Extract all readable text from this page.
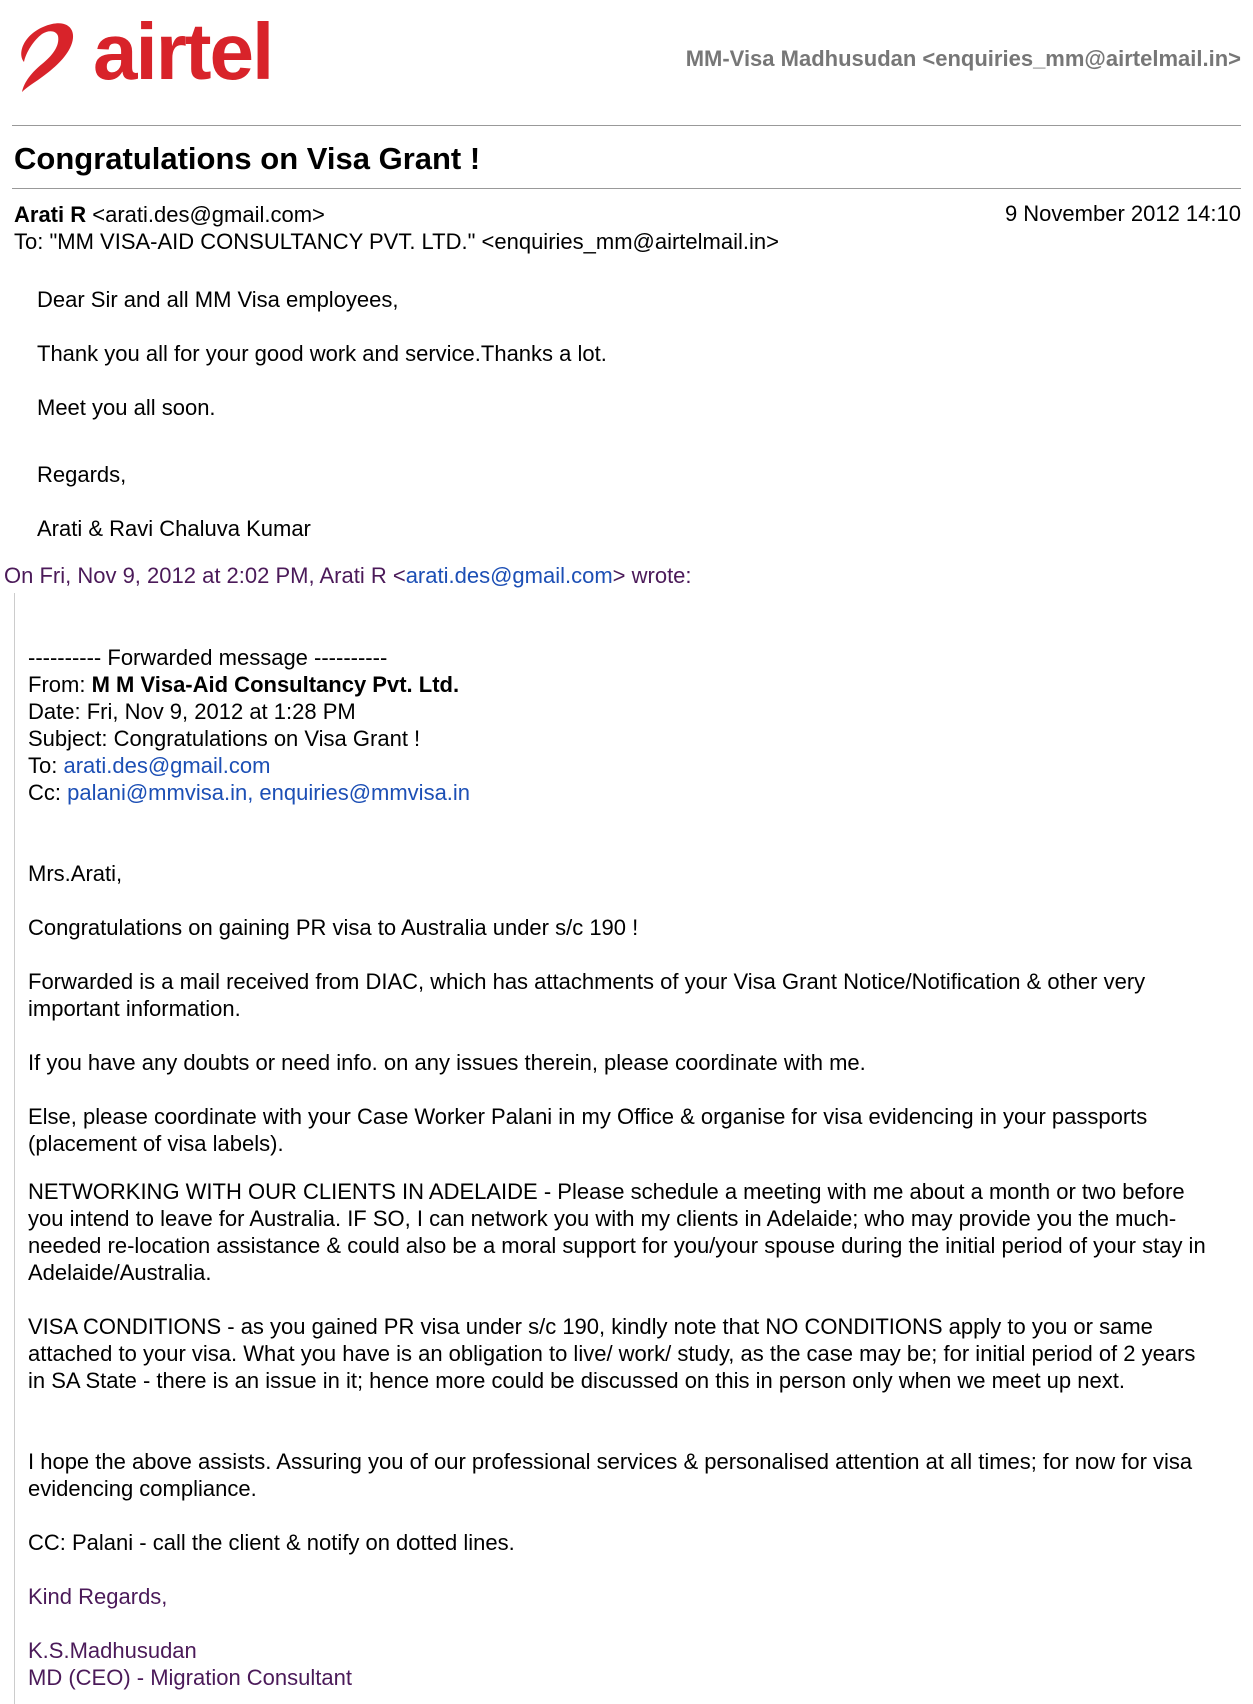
airtel	MM-Visa Madhusudan <enquiries_mm@airtelmail.in>
Congratulations on Visa Grant !
Arati R <arati.des@gmail.com>	9 November 2012 14:10
To: "MM VISA-AID CONSULTANCY PVT. LTD." <enquiries_mm@airtelmail.in>
Dear Sir and all MM Visa employees,
Thank you all for your good work and service.Thanks a lot.
Meet you all soon.
Regards,
Arati & Ravi Chaluva Kumar
On Fri, Nov 9, 2012 at 2:02 PM, Arati R <arati.des@gmail.com> wrote:
---------- Forwarded message ----------
From: M M Visa-Aid Consultancy Pvt. Ltd.
Date: Fri, Nov 9, 2012 at 1:28 PM
Subject: Congratulations on Visa Grant !
To: arati.des@gmail.com
Cc: palani@mmvisa.in, enquiries@mmvisa.in
Mrs.Arati,
Congratulations on gaining PR visa to Australia under s/c 190 !
Forwarded is a mail received from DIAC, which has attachments of your Visa Grant Notice/Notification & other very important information.
If you have any doubts or need info. on any issues therein, please coordinate with me.
Else, please coordinate with your Case Worker Palani in my Office & organise for visa evidencing in your passports (placement of visa labels).
NETWORKING WITH OUR CLIENTS IN ADELAIDE - Please schedule a meeting with me about a month or two before you intend to leave for Australia. IF SO, I can network you with my clients in Adelaide; who may provide you the much-needed re-location assistance & could also be a moral support for you/your spouse during the initial period of your stay in Adelaide/Australia.
VISA CONDITIONS - as you gained PR visa under s/c 190, kindly note that NO CONDITIONS apply to you or same attached to your visa. What you have is an obligation to live/ work/ study, as the case may be; for initial period of 2 years in SA State - there is an issue in it; hence more could be discussed on this in person only when we meet up next.
I hope the above assists. Assuring you of our professional services & personalised attention at all times; for now for visa evidencing compliance.
CC: Palani - call the client & notify on dotted lines.
Kind Regards,
K.S.Madhusudan
MD (CEO) - Migration Consultant
